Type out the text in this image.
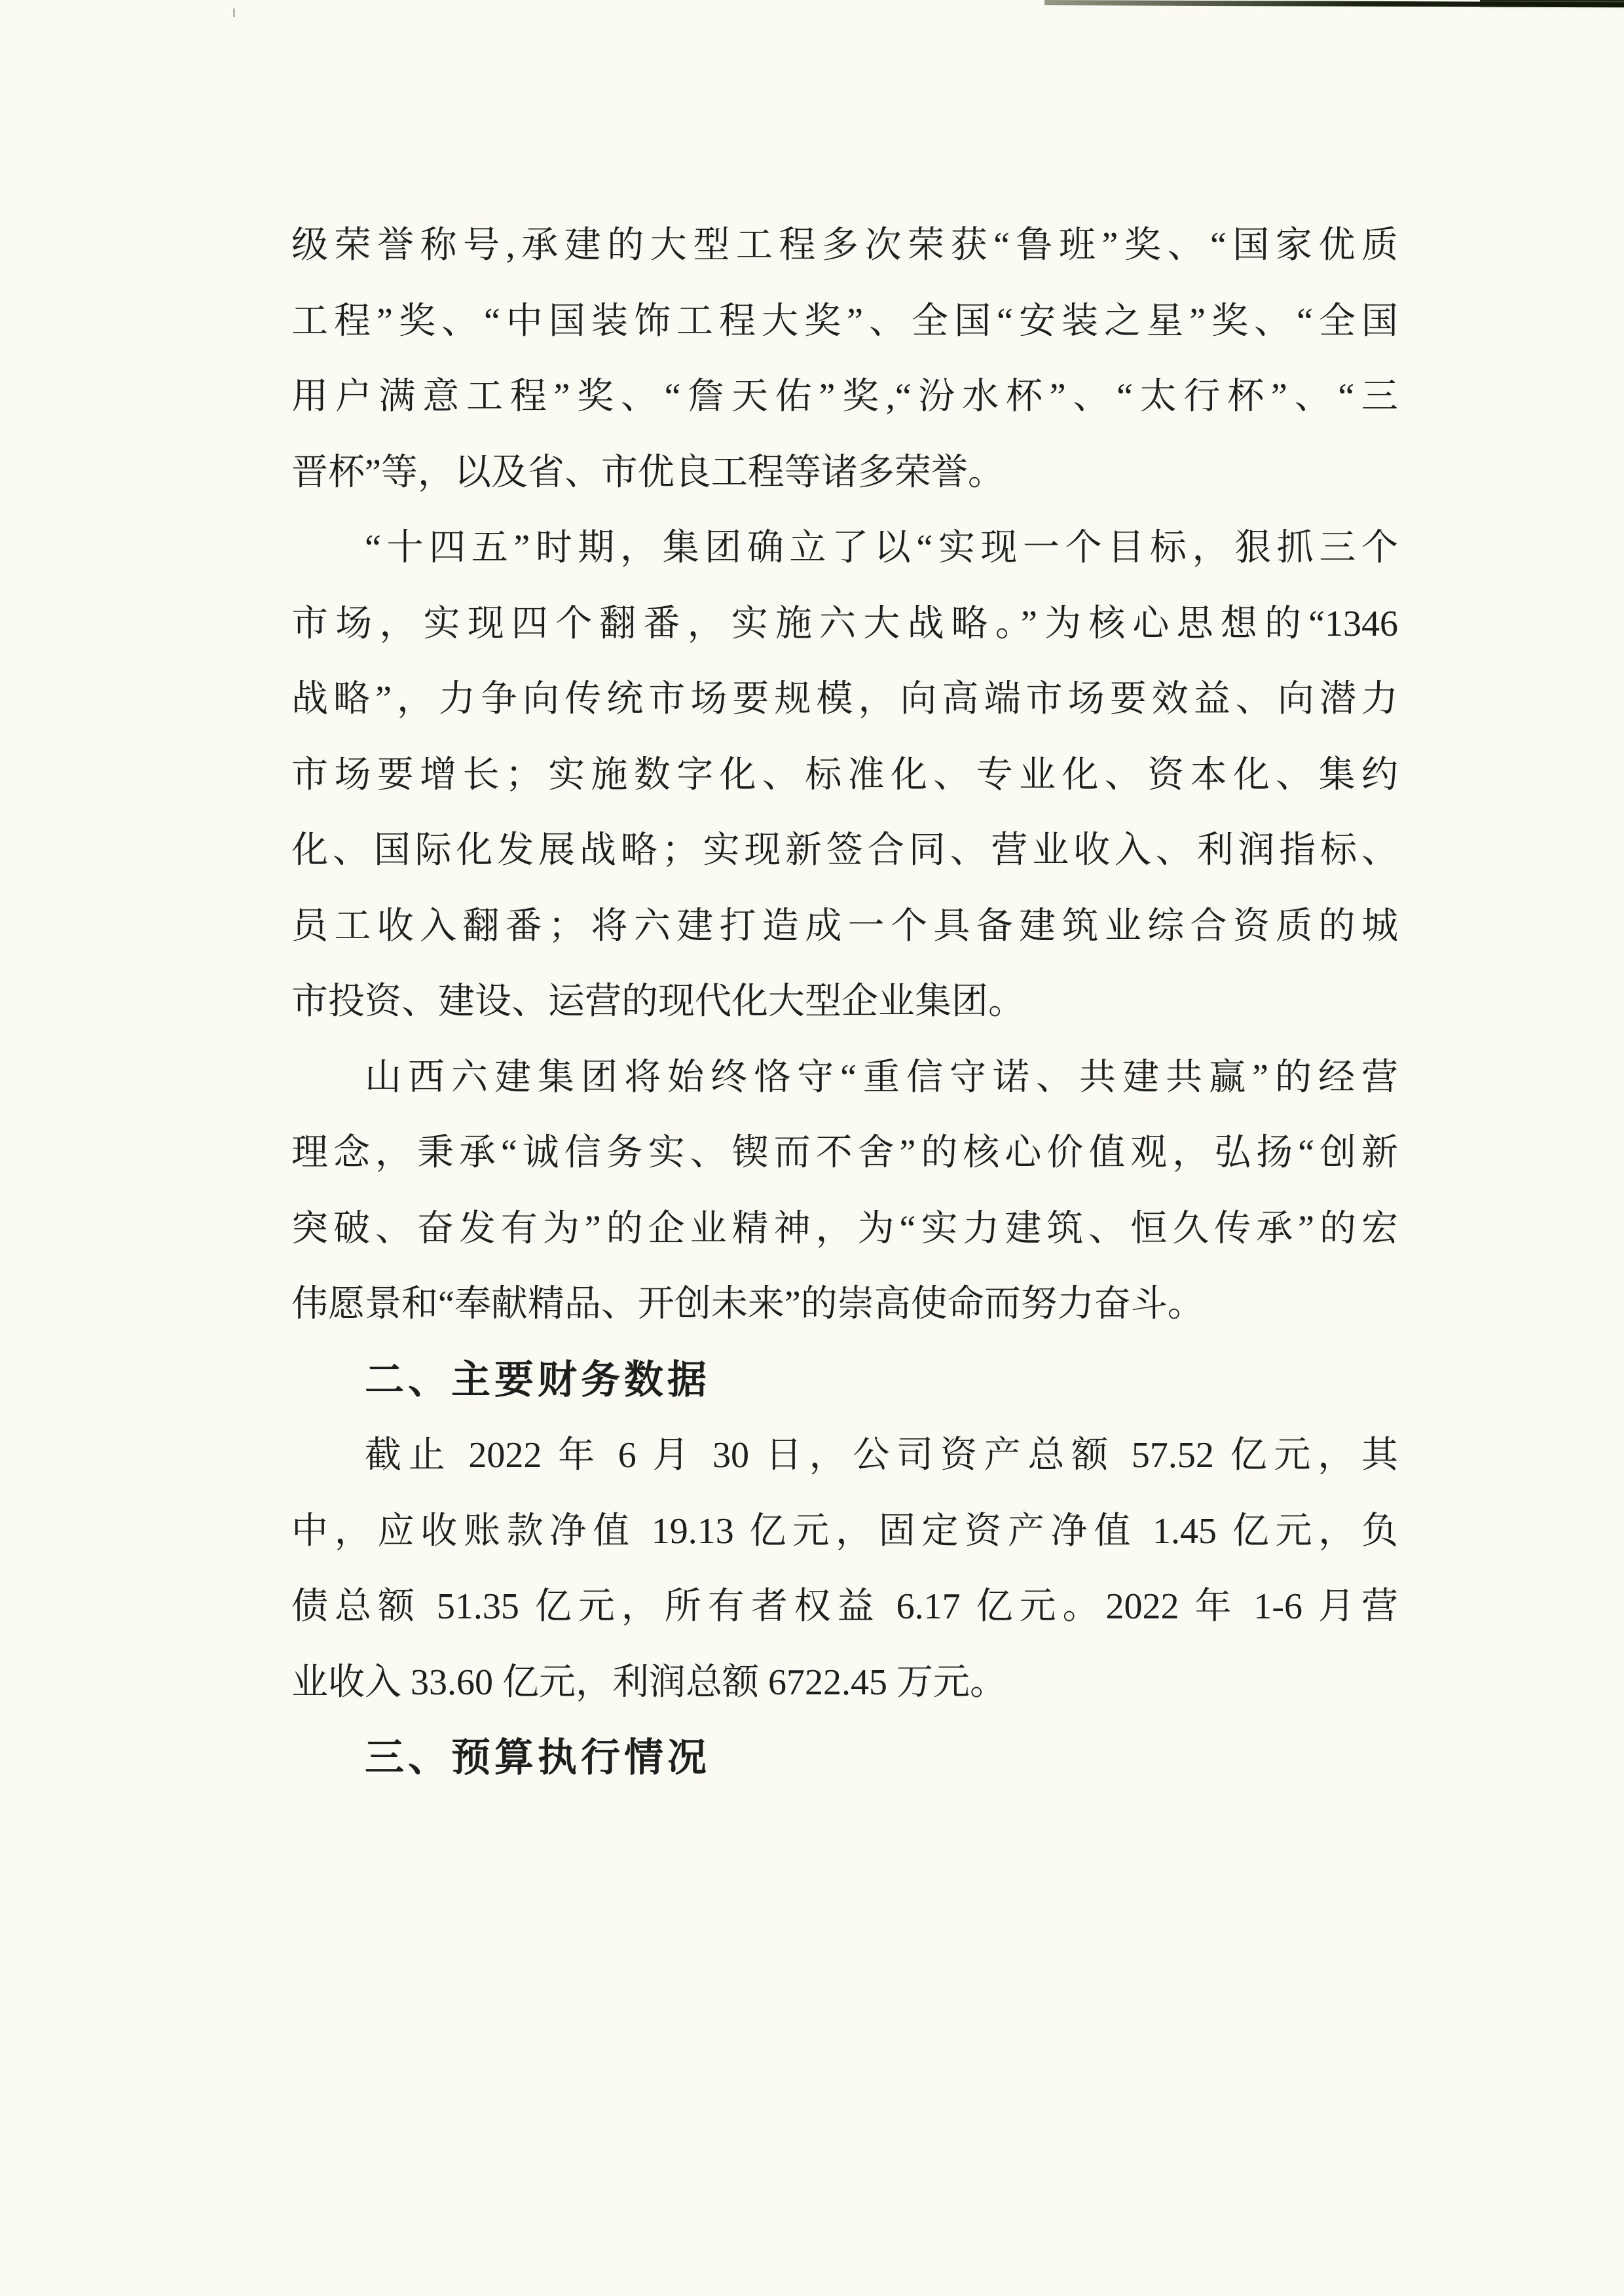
级荣誉称号,承建的大型工程多次荣获“鲁班”奖、“国家优质
工程”奖、“中国装饰工程大奖”、全国“安装之星”奖、“全国
用户满意工程”奖、“詹天佑”奖,“汾水杯”、“太行杯”、“三
晋杯”等，以及省、市优良工程等诸多荣誉。
“十四五”时期，集团确立了以“实现一个目标，狠抓三个
市场，实现四个翻番，实施六大战略。”为核心思想的“1346
战略”，力争向传统市场要规模，向高端市场要效益、向潜力
市场要增长；实施数字化、标准化、专业化、资本化、集约
化、国际化发展战略；实现新签合同、营业收入、利润指标、
员工收入翻番；将六建打造成一个具备建筑业综合资质的城
市投资、建设、运营的现代化大型企业集团。
山西六建集团将始终恪守“重信守诺、共建共赢”的经营
理念，秉承“诚信务实、锲而不舍”的核心价值观，弘扬“创新
突破、奋发有为”的企业精神，为“实力建筑、恒久传承”的宏
伟愿景和“奉献精品、开创未来”的崇高使命而努力奋斗。
二、主要财务数据
截止 2022 年 6 月 30 日，公司资产总额 57.52 亿元，其
中，应收账款净值 19.13 亿元，固定资产净值 1.45 亿元，负
债总额 51.35 亿元，所有者权益 6.17 亿元。2022 年 1-6 月营
业收入 33.60 亿元，利润总额 6722.45 万元。
三、预算执行情况
